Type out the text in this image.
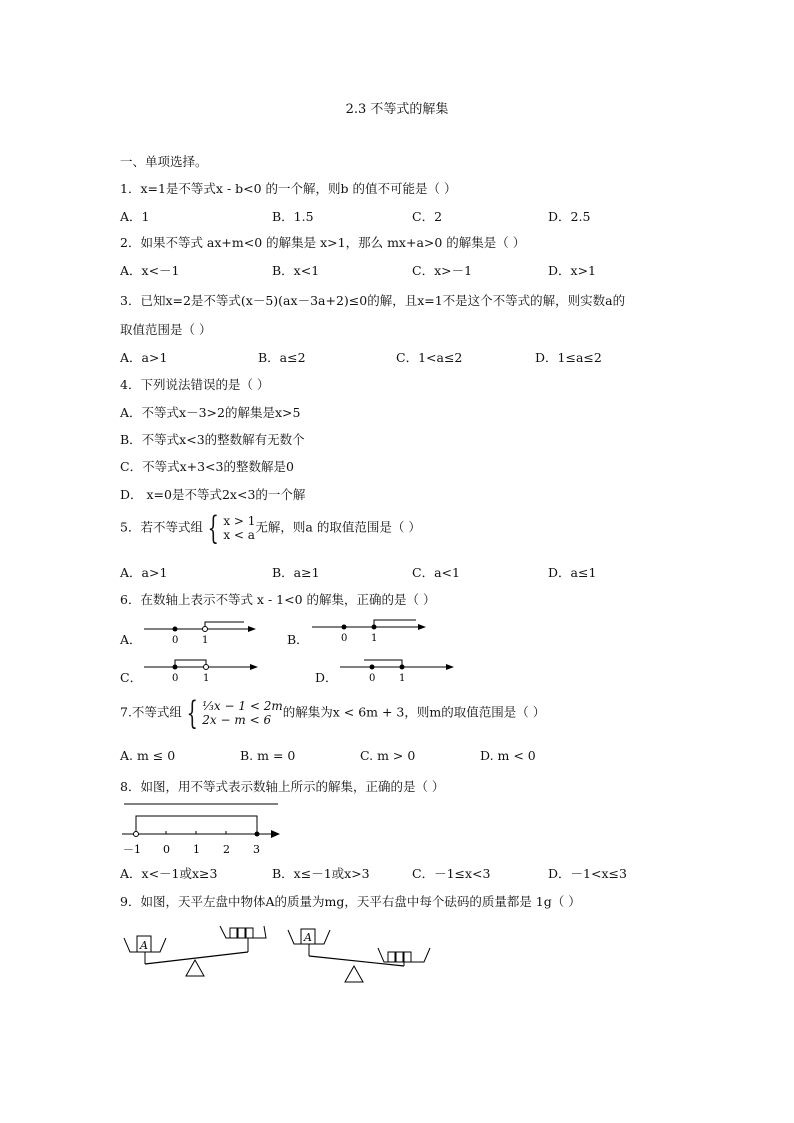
2.3 不等式的解集
一、单项选择。
1．x=1是不等式x - b<0 的一个解，则b 的值不可能是（ ）
A．1	B．1.5	C．2	D．2.5
2．如果不等式 ax+m<0 的解集是 x>1，那么 mx+a>0 的解集是（ ）
A．x<－1	B．x<1	C．x>－1	D．x>1
3．已知x=2是不等式(x－5)(ax－3a+2)≤0的解，且x=1不是这个不等式的解，则实数a的
取值范围是（ ）
A．a>1	B．a≤2	C．1<a≤2	D．1≤a≤2
4．下列说法错误的是（ ）
A．不等式x－3>2的解集是x>5
B．不等式x<3的整数解有无数个
C．不等式x+3<3的整数解是0
D． x=0是不等式2x<3的一个解
5．若不等式组 { x > 1
x < a无解，则a 的取值范围是（ ）
A．a>1	B．a≥1	C．a<1	D．a≤1
6．在数轴上表示不等式 x - 1<0 的解集，正确的是（ ）
A．	B．
C．	D．
0 1	0 1
0 1	0 1
7.不等式组 { ⅓x − 1 < 2m
2x − m < 6的解集为x < 6m + 3，则m的取值范围是（ ）
A. m ≤ 0	B. m = 0	C. m > 0	D. m < 0
8．如图，用不等式表示数轴上所示的解集，正确的是（ ）
－1 0 1 2 3
A．x<－1或x≥3	B．x≤－1或x>3	C．－1≤x<3	D．－1<x≤3
9．如图，天平左盘中物体A的质量为mg，天平右盘中每个砝码的质量都是 1g（ ）
A
A
